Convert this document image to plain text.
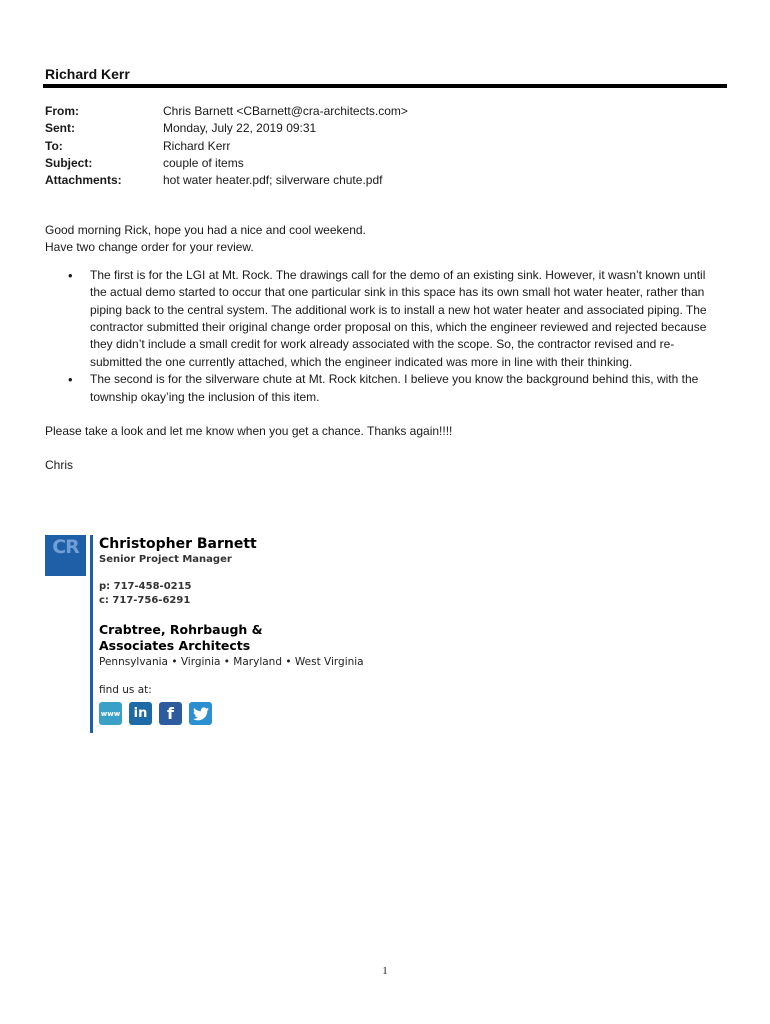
Richard Kerr
From:	Chris Barnett <CBarnett@cra-architects.com>
Sent:	Monday, July 22, 2019 09:31
To:	Richard Kerr
Subject:	couple of items
Attachments:	hot water heater.pdf; silverware chute.pdf

Good morning Rick, hope you had a nice and cool weekend.

Have two change order for your review.

• The first is for the LGI at Mt. Rock. The drawings call for the demo of an existing sink. However, it wasn’t known until the actual demo started to occur that one particular sink in this space has its own small hot water heater, rather than piping back to the central system. The additional work is to install a new hot water heater and associated piping. The contractor submitted their original change order proposal on this, which the engineer reviewed and rejected because they didn’t include a small credit for work already associated with the scope. So, the contractor revised and re-submitted the one currently attached, which the engineer indicated was more in line with their thinking.
• The second is for the silverware chute at Mt. Rock kitchen. I believe you know the background behind this, with the township okay’ing the inclusion of this item.

Please take a look and let me know when you get a chance. Thanks again!!!!

Chris

CR	Christopher Barnett
Senior Project Manager
p: 717-458-0215
c: 717-756-6291
Crabtree, Rohrbaugh & Associates Architects
Pennsylvania • Virginia • Maryland • West Virginia
find us at:
www	in	f
1
